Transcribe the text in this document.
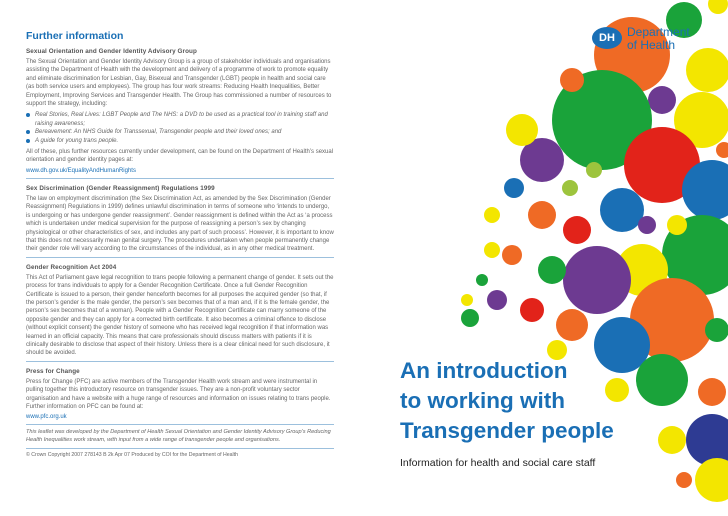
Further information
Sexual Orientation and Gender Identity Advisory Group

The Sexual Orientation and Gender Identity Advisory Group is a group of stakeholder individuals and organisations assisting the Department of Health with the development and delivery of a programme of work to promote equality and eliminate discrimination for Lesbian, Gay, Bisexual and Transgender (LGBT) people in health and social care (as both service users and employees). The group has four work streams: Reducing Health Inequalities, Better Employment, Improving Services and Transgender Health. The Group has commissioned a number of resources to support the strategy, including:

Real Stories, Real Lives: LGBT People and The NHS: a DVD to be used as a practical tool in training staff and raising awareness;
Bereavement: An NHS Guide for Transsexual, Transgender people and their loved ones; and
A guide for young trans people.

All of these, plus further resources currently under development, can be found on the Department of Health’s sexual orientation and gender identity pages at:

www.dh.gov.uk/EqualityAndHumanRights
Sex Discrimination (Gender Reassignment) Regulations 1999

The law on employment discrimination (the Sex Discrimination Act, as amended by the Sex Discrimination (Gender Reassignment) Regulations in 1999) defines unlawful discrimination in terms of someone who ‘intends to undergo, is undergoing or has undergone gender reassignment’. Gender reassignment is defined within the Act as ‘a process which is undertaken under medical supervision for the purpose of reassigning a person’s sex by changing physiological or other characteristics of sex, and includes any part of such process’. However, it is important to know that this does not necessarily mean genital surgery. The procedures undertaken when people permanently change their gender role will vary according to the circumstances of the individual, as in any other medical treatment.

Gender Recognition Act 2004

This Act of Parliament gave legal recognition to trans people following a permanent change of gender. It sets out the process for trans individuals to apply for a Gender Recognition Certificate. Once a full Gender Recognition Certificate is issued to a person, their gender henceforth becomes for all purposes the acquired gender (so that, if the person’s gender is the male gender, the person’s sex becomes that of a man and, if it is the female gender, the person’s sex becomes that of a woman). People with a Gender Recognition Certificate can marry someone of the opposite gender and they can apply for a corrected birth certificate. It also becomes a criminal offence to disclose (without explicit consent) the gender history of someone who has received legal recognition if that information was learned in an official capacity. This means that care professionals should discuss matters with patients if it is clinically desirable to disclose that aspect of their history. Unless there is a clear clinical need for such disclosure, it should be avoided.

Press for Change

Press for Change (PFC) are active members of the Transgender Health work stream and were instrumental in pulling together this introductory resource on transgender issues. They are a non-profit voluntary sector organisation and have a website with a huge range of resources and information on issues relating to trans people. Further information on PFC can be found at:

www.pfc.org.uk
This leaflet was developed by the Department of Health Sexual Orientation and Gender Identity Advisory Group’s Reducing Health Inequalities work stream, with input from a wide range of transgender people and organisations.
© Crown Copyright 2007 278143 B 2k Apr 07 Produced by COI for the Department of Health
DH	Department
of Health
An introduction
to working with
Transgender people
Information for health and social care staff
